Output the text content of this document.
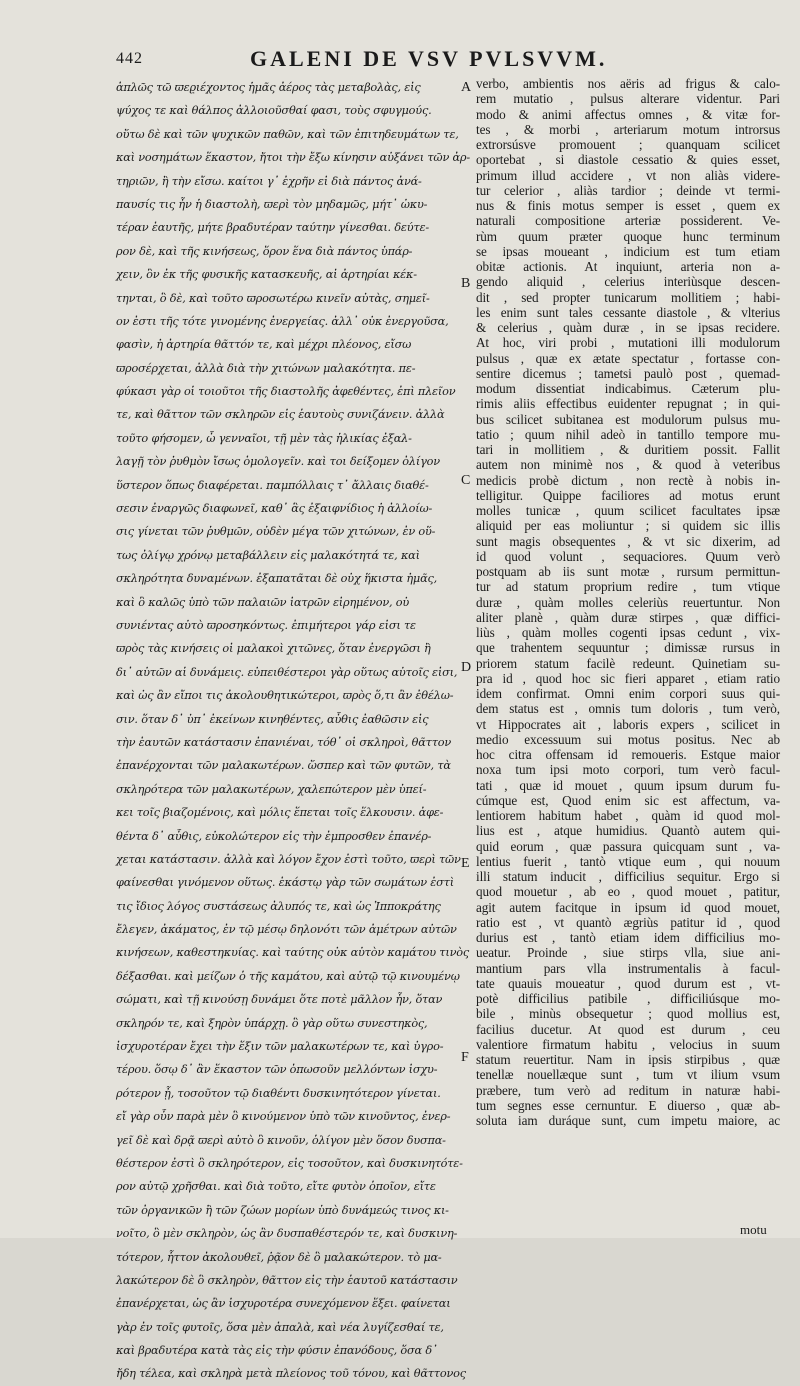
442	GALENI DE VSV PVLSVVM.
ἁπλῶς τῶ ϖεϱιέχοντος ἡμᾶς ἀέρος τὰς μεταβολὰς, εἰς
ψύχος τε καὶ θάλπος ἀλλοιοῦσθαί φασι, τοὺς σφυγμούς.
οὕτω δὲ καὶ τῶν ψυχικῶν παθῶν, καὶ τῶν ἐπιτηδευμάτων τε,
καὶ νοσημάτων ἕκαστον, ἤτοι τὴν ἔξω κίνησιν αὐξάνει τῶν ἀρ-
τηριῶν, ἢ τὴν εἴσω. καίτοι γ᾽ ἐχρῆν εἰ διὰ πάντος ἀνά-
παυσίς τις ἦν ἡ διαστολὴ, ϖερὶ τὸν μηδαμῶς, μήτ᾽ ὠκυ-
τέραν ἑαυτῆς, μήτε βραδυτέραν ταύτην γίνεσθαι. δεύτε-
ρον δὲ, καὶ τῆς κινήσεως, ὅρον ἕνα διὰ πάντος ὑπάρ-
χειν, ὃν ἐκ τῆς φυσικῆς κατασκευῆς, αἱ ἀρτηρίαι κέκ-
τηνται, ὃ δὲ, καὶ τοῦτο ϖροσωτέρω κινεῖν αὐτὰς, σημεῖ-
ον ἐστι τῆς τότε γινομένης ἐνεργείας. ἀλλ᾽ οὐκ ἐνεργοῦσα,
φασὶν, ἡ ἀρτηρία θᾶττόν τε, καὶ μέχρι πλέονος, εἴσω
ϖροσέρχεται, ἀλλὰ διὰ τὴν χιτώνων μαλακότητα. πε-
φύκασι γὰρ οἱ τοιοῦτοι τῆς διαστολῆς ἀφεθέντες, ἐπὶ πλεῖον
τε, καὶ θᾶττον τῶν σκληρῶν εἰς ἑαυτοὺς συνιζάνειν. ἀλλὰ
τοῦτο φήσομεν, ὦ γενναῖοι, τῇ μὲν τὰς ἡλικίας ἐξαλ-
λαγῇ τὸν ῥυθμὸν ἴσως ὁμολογεῖν. καὶ τοι δείξομεν ὀλίγον
ὕστερον ὅπως διαφέρεται. παμπόλλαις τ᾽ ἄλλαις διαθέ-
σεσιν ἐναργῶς διαφωνεῖ, καθ᾽ ἃς ἐξαιφνίδιος ἡ ἀλλοίω-
σις γίνεται τῶν ῥυθμῶν, οὐδὲν μέγα τῶν χιτώνων, ἐν οὕ-
τως ὀλίγῳ χρόνῳ μεταβάλλειν εἰς μαλακότητά τε, καὶ
σκληρότητα δυναμένων. ἐξαπατᾶται δὲ οὐχ ἥκιστα ἡμᾶς,
καὶ ὃ καλῶς ὑπὸ τῶν παλαιῶν ἰατρῶν εἰρημένον, οὐ
συνιέντας αὐτὸ ϖροσηκόντως. ἐπιμήτεροι γάρ εἰσι τε
ϖρὸς τὰς κινήσεις οἱ μαλακοὶ χιτῶνες, ὅταν ἐνεργῶσι ἢ
δι᾽ αὐτῶν αἱ δυνάμεις. εὐπειθέστεροι γὰρ οὕτως αὐτοῖς εἰσι,
καὶ ὡς ἂν εἴποι τις ἀκολουθητικώτεροι, ϖρὸς ὅ,τι ἂν ἐθέλω-
σιν. ὅταν δ᾽ ὑπ᾽ ἐκείνων κινηθέντες, αὖθις ἐαθῶσιν εἰς
τὴν ἑαυτῶν κατάστασιν ἐπανιέναι, τόθ᾽ οἱ σκληροὶ, θᾶττον
ἐπανέρχονται τῶν μαλακωτέρων. ὥσπερ καὶ τῶν φυτῶν, τὰ
σκληρότερα τῶν μαλακωτέρων, χαλεπώτερον μὲν ὑπεί-
κει τοῖς βιαζομένοις, καὶ μόλις ἕπεται τοῖς ἕλκουσιν. ἀφε-
θέντα δ᾽ αὖθις, εὐκολώτερον εἰς τὴν ἐμπροσθεν ἐπανέρ-
χεται κατάστασιν. ἀλλὰ καὶ λόγον ἔχον ἐστὶ τοῦτο, ϖερὶ τῶν
φαίνεσθαι γινόμενον οὕτως. ἑκάστῳ γὰρ τῶν σωμάτων ἐστὶ
τις ἴδιος λόγος συστάσεως ἀλυπός τε, καὶ ὡς Ἱπποκράτης
ἔλεγεν, ἀκάματος, ἐν τῷ μέσῳ δηλονότι τῶν ἀμέτρων αὐτῶν
κινήσεων, καθεστηκυίας. καὶ ταύτης οὐκ αὐτὸν καμάτου τινὸς
δέξασθαι. καὶ μείζων ὁ τῆς καμάτου, καὶ αὐτῷ τῷ κινουμένῳ
σώματι, καὶ τῇ κινούσῃ δυνάμει ὅτε ποτὲ μᾶλλον ἦν, ὅταν
σκληρόν τε, καὶ ξηρὸν ὑπάρχῃ. ὃ γὰρ οὕτω συνεστηκὸς,
ἰσχυροτέραν ἔχει τὴν ἕξιν τῶν μαλακωτέρων τε, καὶ ὑγρο-
τέρου. ὅσῳ δ᾽ ἂν ἕκαστον τῶν ὁπωσοῦν μελλόντων ἰσχυ-
ρότερον ᾖ, τοσοῦτον τῷ διαθέντι δυσκινητότερον γίνεται.
εἴ γὰρ οὖν παρὰ μὲν ὃ κινούμενον ὑπὸ τῶν κινοῦντος, ἐνερ-
γεῖ δὲ καὶ δρᾷ ϖερὶ αὐτὸ ὃ κινοῦν, ὁλίγον μὲν ὅσον δυσπα-
θέστερον ἐστὶ ὃ σκληρότερον, εἰς τοσοῦτον, καὶ δυσκινητότε-
ρον αὐτῷ χρῆσθαι. καὶ διὰ τοῦτο, εἴτε φυτὸν ὁποῖον, εἴτε
τῶν ὀργανικῶν ἢ τῶν ζώων μορίων ὑπὸ δυνάμεώς τινος κι-
νοῖτο, ὃ μὲν σκληρὸν, ὡς ἂν δυσπαθέστερόν τε, καὶ δυσκινη-
τότερον, ἧττον ἀκολουθεῖ, ῥᾷον δὲ ὃ μαλακώτερον. τὸ μα-
λακώτερον δὲ ὃ σκληρὸν, θᾶττον εἰς τὴν ἑαυτοῦ κατάστασιν
ἐπανέρχεται, ὡς ἂν ἰσχυροτέρα συνεχόμενον ἕξει. φαίνεται
γὰρ ἐν τοῖς φυτοῖς, ὅσα μὲν ἁπαλὰ, καὶ νέα λυγίζεσθαί τε,
καὶ βραδυτέρα κατὰ τὰς εἰς τὴν φύσιν ἐπανόδους, ὅσα δ᾽
ἤδη τέλεα, καὶ σκληρὰ μετὰ πλείονος τοῦ τόνου, καὶ θᾶττονος
verbo, ambientis nos aëris ad frigus & calo-
rem mutatio , pulsus alterare videntur. Pari
modo & animi affectus omnes , & vitæ for-
tes , & morbi , arteriarum motum introrsus
extrorsúsve promouent ; quanquam scilicet
oportebat , si diastole cessatio & quies esset,
primum illud accidere , vt non aliàs videre-
tur celerior , aliàs tardior ; deinde vt termi-
nus & finis motus semper is esset , quem ex
naturali compositione arteriæ possiderent. Ve-
rùm quum præter quoque hunc terminum
se ipsas moueant , indicium est tum etiam
obitæ actionis. At inquiunt, arteria non a-
gendo aliquid , celerius interiùsque descen-
dit , sed propter tunicarum mollitiem ; habi-
les enim sunt tales cessante diastole , & vlterius
& celerius , quàm duræ , in se ipsas recidere.
At hoc, viri probi , mutationi illi modulorum
pulsus , quæ ex ætate spectatur , fortasse con-
sentire dicemus ; tametsi paulò post , quemad-
modum dissentiat indicabimus. Cæterum plu-
rimis aliis effectibus euidenter repugnat ; in qui-
bus scilicet subitanea est modulorum pulsus mu-
tatio ; quum nihil adeò in tantillo tempore mu-
tari in mollitiem , & duritiem possit. Fallit
autem non minimè nos , & quod à veteribus
medicis probè dictum , non rectè à nobis in-
telligitur. Quippe faciliores ad motus erunt
molles tunicæ , quum scilicet facultates ipsæ
aliquid per eas moliuntur ; si quidem sic illis
sunt magis obsequentes , & vt sic dixerim, ad
id quod volunt , sequaciores. Quum verò
postquam ab iis sunt motæ , rursum permittun-
tur ad statum proprium redire , tum vtique
duræ , quàm molles celeriùs reuertuntur. Non
aliter planè , quàm duræ stirpes , quæ diffici-
liùs , quàm molles cogenti ipsas cedunt , vix-
que trahentem sequuntur ; dimissæ rursus in
priorem statum facilè redeunt. Quinetiam su-
pra id , quod hoc sic fieri apparet , etiam ratio
idem confirmat. Omni enim corpori suus qui-
dem status est , omnis tum doloris , tum verò,
vt Hippocrates ait , laboris expers , scilicet in
medio excessuum sui motus positus. Nec ab
hoc citra offensam id remoueris. Estque maior
noxa tum ipsi moto corpori, tum verò facul-
tati , quæ id mouet , quum ipsum durum fu-
cúmque est, Quod enim sic est affectum, va-
lentiorem habitum habet , quàm id quod mol-
lius est , atque humidius. Quantò autem qui-
quid eorum , quæ passura quicquam sunt , va-
lentius fuerit , tantò vtique eum , qui nouum
illi statum inducit , difficilius sequitur. Ergo si
quod mouetur , ab eo , quod mouet , patitur,
agit autem facitque in ipsum id quod mouet,
ratio est , vt quantò ægriùs patitur id , quod
durius est , tantò etiam idem difficilius mo-
ueatur. Proinde , siue stirps vlla, siue ani-
mantium pars vlla instrumentalis à facul-
tate quauis moueatur , quod durum est , vt-
potè difficilius patibile , difficiliúsque mo-
bile , minùs obsequetur ; quod mollius est,
facilius ducetur. At quod est durum , ceu
valentiore firmatum habitu , velocius in suum
statum reuertitur. Nam in ipsis stirpibus , quæ
tenellæ nouellæque sunt , tum vt ilium vsum
præbere, tum verò ad reditum in naturæ habi-
tum segnes esse cernuntur. E diuerso , quæ ab-
soluta iam duráque sunt, cum impetu maiore, ac
A
B
C
D
E
F
motu
